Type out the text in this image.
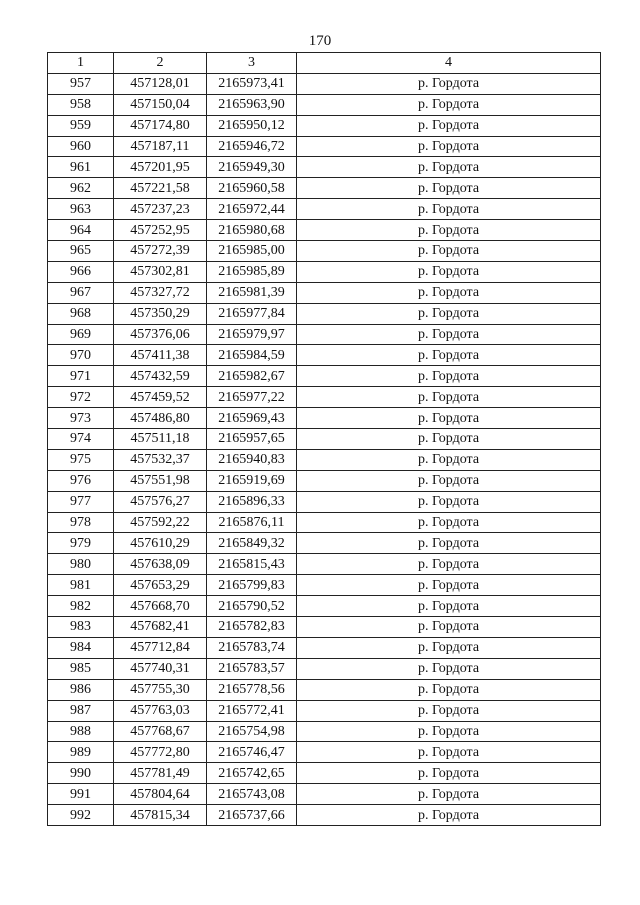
170
1	2	3	4
957	457128,01	2165973,41	р. Гордота
958	457150,04	2165963,90	р. Гордота
959	457174,80	2165950,12	р. Гордота
960	457187,11	2165946,72	р. Гордота
961	457201,95	2165949,30	р. Гордота
962	457221,58	2165960,58	р. Гордота
963	457237,23	2165972,44	р. Гордота
964	457252,95	2165980,68	р. Гордота
965	457272,39	2165985,00	р. Гордота
966	457302,81	2165985,89	р. Гордота
967	457327,72	2165981,39	р. Гордота
968	457350,29	2165977,84	р. Гордота
969	457376,06	2165979,97	р. Гордота
970	457411,38	2165984,59	р. Гордота
971	457432,59	2165982,67	р. Гордота
972	457459,52	2165977,22	р. Гордота
973	457486,80	2165969,43	р. Гордота
974	457511,18	2165957,65	р. Гордота
975	457532,37	2165940,83	р. Гордота
976	457551,98	2165919,69	р. Гордота
977	457576,27	2165896,33	р. Гордота
978	457592,22	2165876,11	р. Гордота
979	457610,29	2165849,32	р. Гордота
980	457638,09	2165815,43	р. Гордота
981	457653,29	2165799,83	р. Гордота
982	457668,70	2165790,52	р. Гордота
983	457682,41	2165782,83	р. Гордота
984	457712,84	2165783,74	р. Гордота
985	457740,31	2165783,57	р. Гордота
986	457755,30	2165778,56	р. Гордота
987	457763,03	2165772,41	р. Гордота
988	457768,67	2165754,98	р. Гордота
989	457772,80	2165746,47	р. Гордота
990	457781,49	2165742,65	р. Гордота
991	457804,64	2165743,08	р. Гордота
992	457815,34	2165737,66	р. Гордота
